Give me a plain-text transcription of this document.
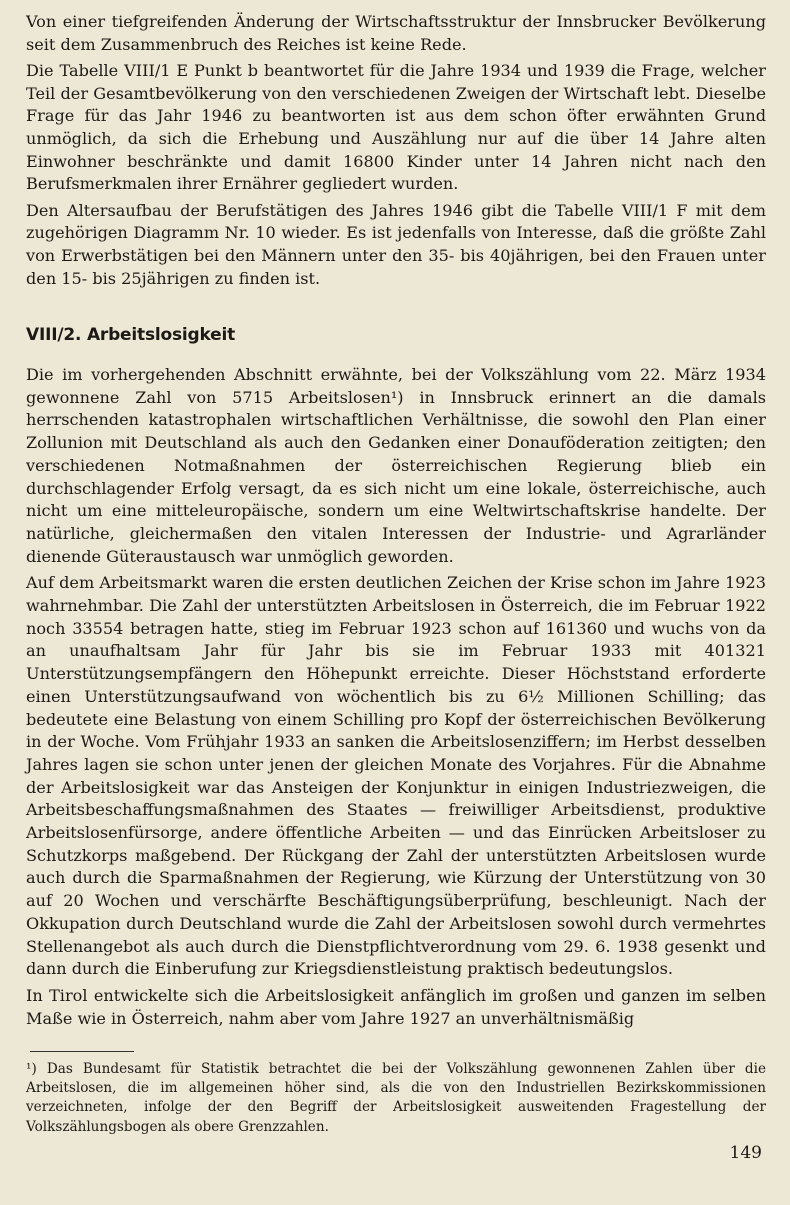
Von einer tiefgreifenden Änderung der Wirtschaftsstruktur der Innsbrucker Bevölkerung seit dem Zusammenbruch des Reiches ist keine Rede.

Die Tabelle VIII/1 E Punkt b beantwortet für die Jahre 1934 und 1939 die Frage, welcher Teil der Gesamtbevölkerung von den verschiedenen Zweigen der Wirtschaft lebt. Dieselbe Frage für das Jahr 1946 zu beantworten ist aus dem schon öfter erwähnten Grund unmöglich, da sich die Erhebung und Auszählung nur auf die über 14 Jahre alten Einwohner beschränkte und damit 16800 Kinder unter 14 Jahren nicht nach den Berufsmerkmalen ihrer Ernährer gegliedert wurden.

Den Altersaufbau der Berufstätigen des Jahres 1946 gibt die Tabelle VIII/1 F mit dem zugehörigen Diagramm Nr. 10 wieder. Es ist jedenfalls von Interesse, daß die größte Zahl von Erwerbstätigen bei den Männern unter den 35- bis 40jährigen, bei den Frauen unter den 15- bis 25jährigen zu finden ist.

VIII/2. Arbeitslosigkeit

Die im vorhergehenden Abschnitt erwähnte, bei der Volkszählung vom 22. März 1934 gewonnene Zahl von 5715 Arbeitslosen¹) in Innsbruck erinnert an die damals herrschenden katastrophalen wirtschaftlichen Verhältnisse, die sowohl den Plan einer Zollunion mit Deutschland als auch den Gedanken einer Donauföderation zeitigten; den verschiedenen Notmaßnahmen der österreichischen Regierung blieb ein durchschlagender Erfolg versagt, da es sich nicht um eine lokale, österreichische, auch nicht um eine mitteleuropäische, sondern um eine Weltwirtschaftskrise handelte. Der natürliche, gleichermaßen den vitalen Interessen der Industrie- und Agrarländer dienende Güteraustausch war unmöglich geworden.

Auf dem Arbeitsmarkt waren die ersten deutlichen Zeichen der Krise schon im Jahre 1923 wahrnehmbar. Die Zahl der unterstützten Arbeitslosen in Österreich, die im Februar 1922 noch 33554 betragen hatte, stieg im Februar 1923 schon auf 161360 und wuchs von da an unaufhaltsam Jahr für Jahr bis sie im Februar 1933 mit 401321 Unterstützungsempfängern den Höhepunkt erreichte. Dieser Höchststand erforderte einen Unterstützungsaufwand von wöchentlich bis zu 6½ Millionen Schilling; das bedeutete eine Belastung von einem Schilling pro Kopf der österreichischen Bevölkerung in der Woche. Vom Frühjahr 1933 an sanken die Arbeitslosenziffern; im Herbst desselben Jahres lagen sie schon unter jenen der gleichen Monate des Vorjahres. Für die Abnahme der Arbeitslosigkeit war das Ansteigen der Konjunktur in einigen Industriezweigen, die Arbeitsbeschaffungsmaßnahmen des Staates — freiwilliger Arbeitsdienst, produktive Arbeitslosenfürsorge, andere öffentliche Arbeiten — und das Einrücken Arbeitsloser zu Schutzkorps maßgebend. Der Rückgang der Zahl der unterstützten Arbeitslosen wurde auch durch die Sparmaßnahmen der Regierung, wie Kürzung der Unterstützung von 30 auf 20 Wochen und verschärfte Beschäftigungsüberprüfung, beschleunigt. Nach der Okkupation durch Deutschland wurde die Zahl der Arbeitslosen sowohl durch vermehrtes Stellenangebot als auch durch die Dienstpflichtverordnung vom 29. 6. 1938 gesenkt und dann durch die Einberufung zur Kriegsdienstleistung praktisch bedeutungslos.

In Tirol entwickelte sich die Arbeitslosigkeit anfänglich im großen und ganzen im selben Maße wie in Österreich, nahm aber vom Jahre 1927 an unverhältnismäßig

¹) Das Bundesamt für Statistik betrachtet die bei der Volkszählung gewonnenen Zahlen über die Arbeitslosen, die im allgemeinen höher sind, als die von den Industriellen Bezirkskommissionen verzeichneten, infolge der den Begriff der Arbeitslosigkeit ausweitenden Fragestellung der Volkszählungsbogen als obere Grenzzahlen.
149
